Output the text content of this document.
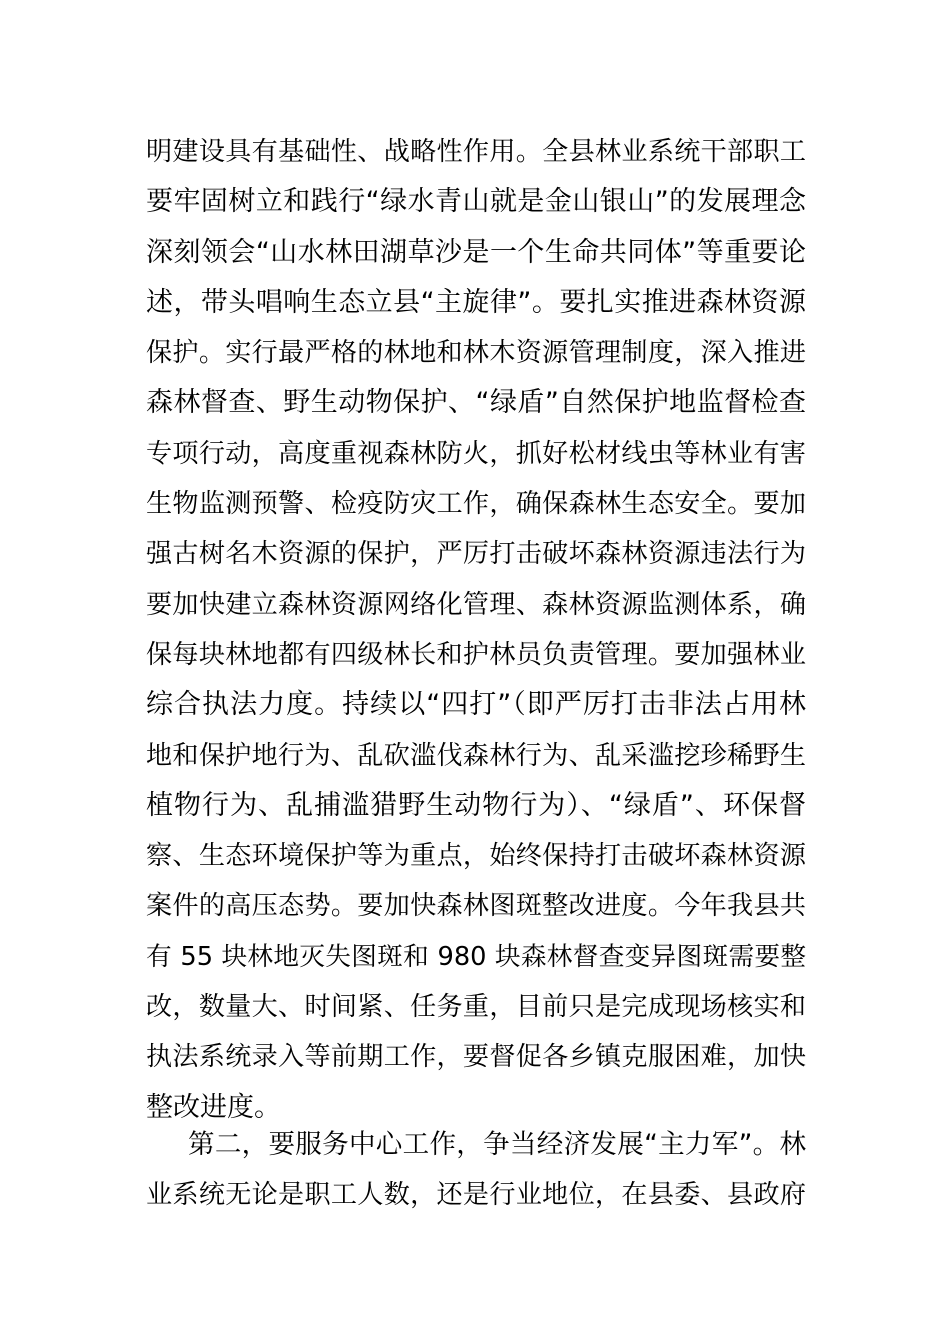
明建设具有基础性、战略性作用。全县林业系统干部职工
要牢固树立和践行“绿水青山就是金山银山”的发展理念
深刻领会“山水林田湖草沙是一个生命共同体”等重要论
述，带头唱响生态立县“主旋律”。要扎实推进森林资源
保护。实行最严格的林地和林木资源管理制度，深入推进
森林督查、野生动物保护、“绿盾”自然保护地监督检查
专项行动，高度重视森林防火，抓好松材线虫等林业有害
生物监测预警、检疫防灾工作，确保森林生态安全。要加
强古树名木资源的保护，严厉打击破坏森林资源违法行为
要加快建立森林资源网络化管理、森林资源监测体系，确
保每块林地都有四级林长和护林员负责管理。要加强林业
综合执法力度。持续以“四打”（即严厉打击非法占用林
地和保护地行为、乱砍滥伐森林行为、乱采滥挖珍稀野生
植物行为、乱捕滥猎野生动物行为）、“绿盾”、环保督
察、生态环境保护等为重点，始终保持打击破坏森林资源
案件的高压态势。要加快森林图斑整改进度。今年我县共
有 55 块林地灭失图斑和 980 块森林督查变异图斑需要整
改，数量大、时间紧、任务重，目前只是完成现场核实和
执法系统录入等前期工作，要督促各乡镇克服困难，加快
整改进度。
第二，要服务中心工作，争当经济发展“主力军”。林
业系统无论是职工人数，还是行业地位，在县委、县政府
